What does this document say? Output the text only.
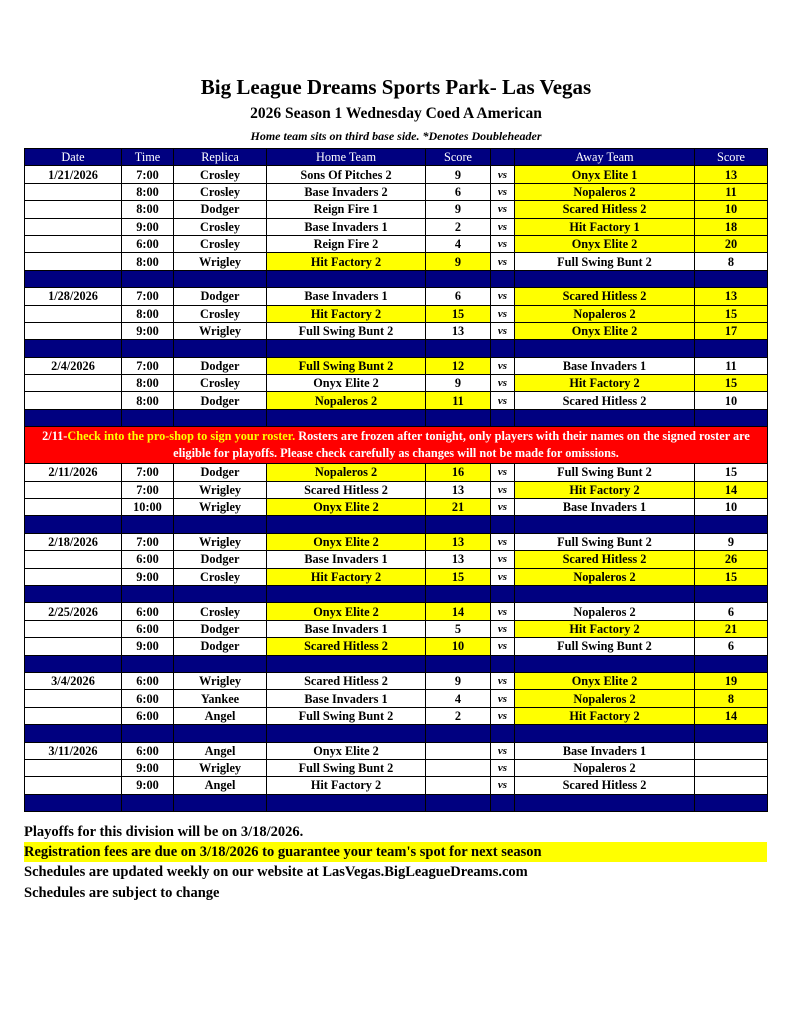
Big League Dreams Sports Park- Las Vegas
2026 Season 1 Wednesday Coed A American
Home team sits on third base side. *Denotes Doubleheader
Date	Time	Replica	Home Team	Score		Away Team	Score
1/21/2026	7:00	Crosley	Sons Of Pitches 2	9	vs	Onyx Elite 1	13
	8:00	Crosley	Base Invaders 2	6	vs	Nopaleros 2	11
	8:00	Dodger	Reign Fire 1	9	vs	Scared Hitless 2	10
	9:00	Crosley	Base Invaders 1	2	vs	Hit Factory 1	18
	6:00	Crosley	Reign Fire 2	4	vs	Onyx Elite 2	20
	8:00	Wrigley	Hit Factory 2	9	vs	Full Swing Bunt 2	8

1/28/2026	7:00	Dodger	Base Invaders 1	6	vs	Scared Hitless 2	13
	8:00	Crosley	Hit Factory 2	15	vs	Nopaleros 2	15
	9:00	Wrigley	Full Swing Bunt 2	13	vs	Onyx Elite 2	17

2/4/2026	7:00	Dodger	Full Swing Bunt 2	12	vs	Base Invaders 1	11
	8:00	Crosley	Onyx Elite 2	9	vs	Hit Factory 2	15
	8:00	Dodger	Nopaleros 2	11	vs	Scared Hitless 2	10

2/11-Check into the pro-shop to sign your roster. Rosters are frozen after tonight, only players with their names on the signed roster are eligible for playoffs. Please check carefully as changes will not be made for omissions.							
2/11/2026	7:00	Dodger	Nopaleros 2	16	vs	Full Swing Bunt 2	15
	7:00	Wrigley	Scared Hitless 2	13	vs	Hit Factory 2	14
	10:00	Wrigley	Onyx Elite 2	21	vs	Base Invaders 1	10

2/18/2026	7:00	Wrigley	Onyx Elite 2	13	vs	Full Swing Bunt 2	9
	6:00	Dodger	Base Invaders 1	13	vs	Scared Hitless 2	26
	9:00	Crosley	Hit Factory 2	15	vs	Nopaleros 2	15

2/25/2026	6:00	Crosley	Onyx Elite 2	14	vs	Nopaleros 2	6
	6:00	Dodger	Base Invaders 1	5	vs	Hit Factory 2	21
	9:00	Dodger	Scared Hitless 2	10	vs	Full Swing Bunt 2	6

3/4/2026	6:00	Wrigley	Scared Hitless 2	9	vs	Onyx Elite 2	19
	6:00	Yankee	Base Invaders 1	4	vs	Nopaleros 2	8
	6:00	Angel	Full Swing Bunt 2	2	vs	Hit Factory 2	14

3/11/2026	6:00	Angel	Onyx Elite 2		vs	Base Invaders 1	
	9:00	Wrigley	Full Swing Bunt 2		vs	Nopaleros 2	
	9:00	Angel	Hit Factory 2		vs	Scared Hitless 2	

Playoffs for this division will be on 3/18/2026.
Registration fees are due on 3/18/2026 to guarantee your team's spot for next season
Schedules are updated weekly on our website at LasVegas.BigLeagueDreams.com
Schedules are subject to change
